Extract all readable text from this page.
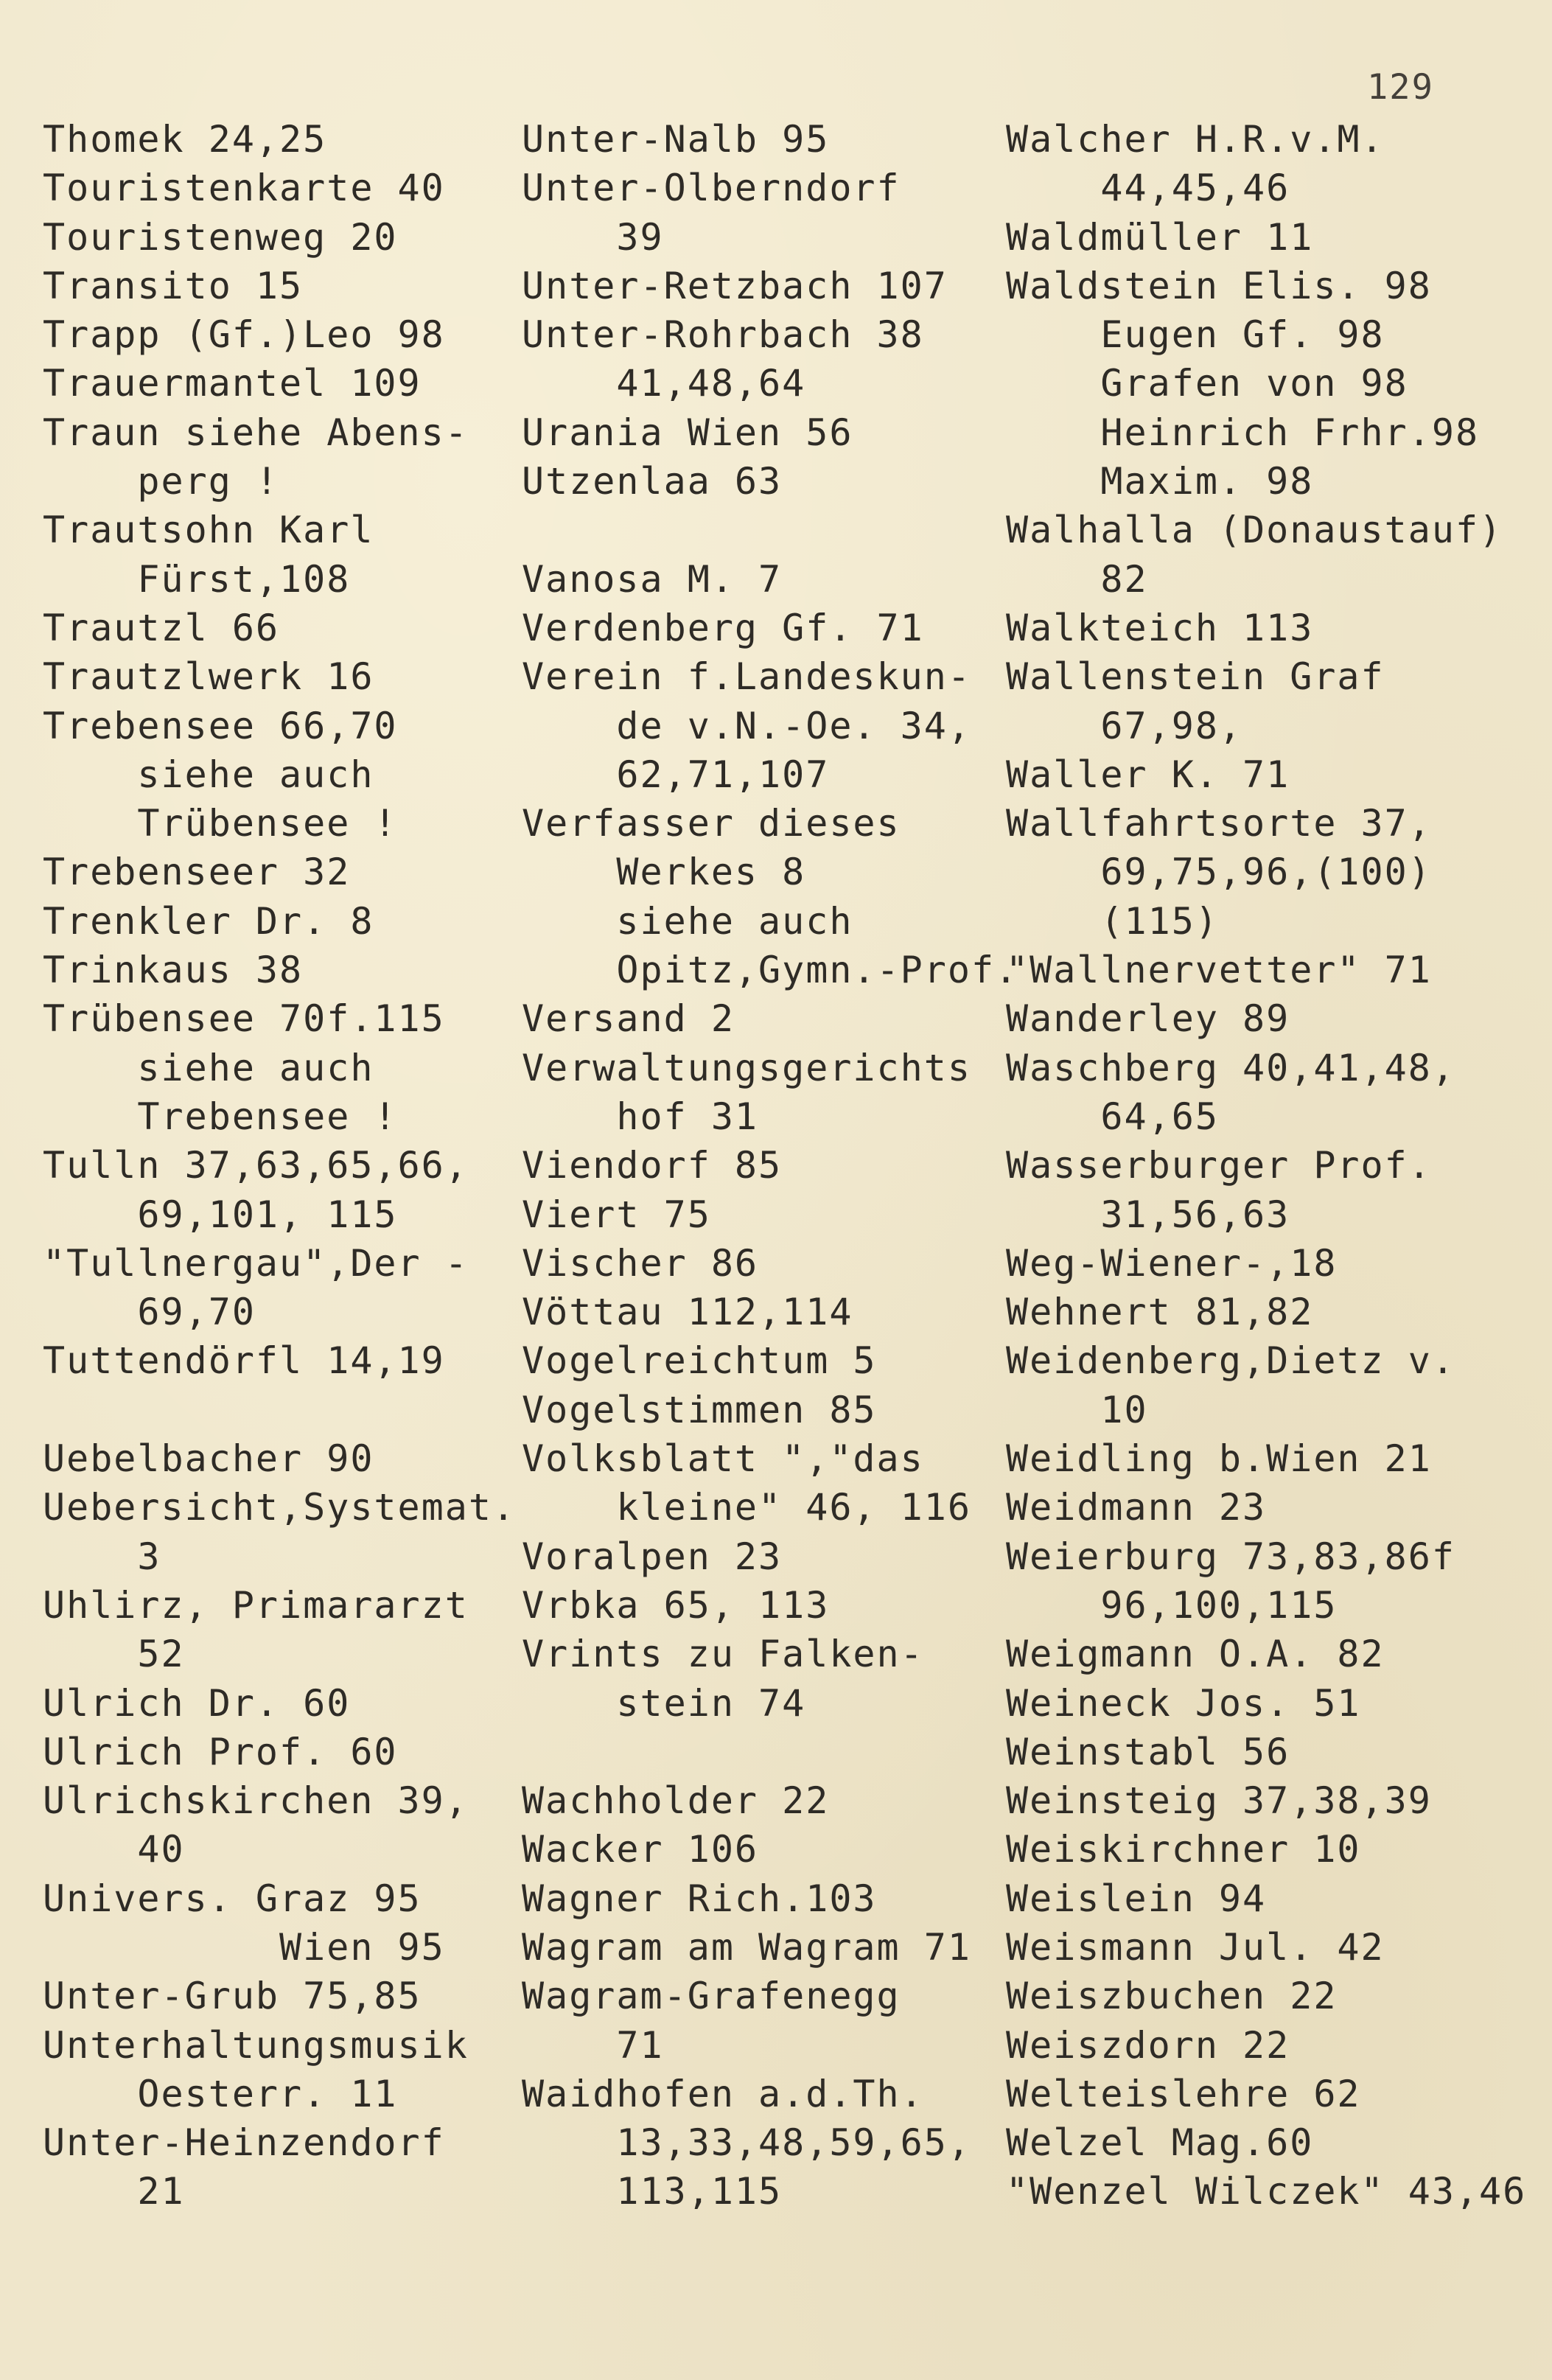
129
Thomek 24,25
Touristenkarte 40
Touristenweg 20
Transito 15
Trapp (Gf.)Leo 98
Trauermantel 109
Traun siehe Abens-
perg !
Trautsohn Karl
Fürst,108
Trautzl 66
Trautzlwerk 16
Trebensee 66,70
siehe auch
Trübensee !
Trebenseer 32
Trenkler Dr. 8
Trinkaus 38
Trübensee 70f.115
siehe auch
Trebensee !
Tulln 37,63,65,66,
69,101, 115
"Tullnergau",Der -
69,70
Tuttendörfl 14,19
Uebelbacher 90
Uebersicht,Systemat.
3
Uhlirz, Primararzt
52
Ulrich Dr. 60
Ulrich Prof. 60
Ulrichskirchen 39,
40
Univers. Graz 95
Wien 95
Unter-Grub 75,85
Unterhaltungsmusik
Oesterr. 11
Unter-Heinzendorf
21
Unter-Nalb 95
Unter-Olberndorf
39
Unter-Retzbach 107
Unter-Rohrbach 38
41,48,64
Urania Wien 56
Utzenlaa 63
Vanosa M. 7
Verdenberg Gf. 71
Verein f.Landeskun-
de v.N.-Oe. 34,
62,71,107
Verfasser dieses
Werkes 8
siehe auch
Opitz,Gymn.-Prof.
Versand 2
Verwaltungsgerichts
hof 31
Viendorf 85
Viert 75
Vischer 86
Vöttau 112,114
Vogelreichtum 5
Vogelstimmen 85
Volksblatt ","das
kleine" 46, 116
Voralpen 23
Vrbka 65, 113
Vrints zu Falken-
stein 74
Wachholder 22
Wacker 106
Wagner Rich.103
Wagram am Wagram 71
Wagram-Grafenegg
71
Waidhofen a.d.Th.
13,33,48,59,65,
113,115
Walcher H.R.v.M.
44,45,46
Waldmüller 11
Waldstein Elis. 98
Eugen Gf. 98
Grafen von 98
Heinrich Frhr.98
Maxim. 98
Walhalla (Donaustauf)
82
Walkteich 113
Wallenstein Graf
67,98,
Waller K. 71
Wallfahrtsorte 37,
69,75,96,(100)
(115)
"Wallnervetter" 71
Wanderley 89
Waschberg 40,41,48,
64,65
Wasserburger Prof.
31,56,63
Weg-Wiener-,18
Wehnert 81,82
Weidenberg,Dietz v.
10
Weidling b.Wien 21
Weidmann 23
Weierburg 73,83,86f
96,100,115
Weigmann O.A. 82
Weineck Jos. 51
Weinstabl 56
Weinsteig 37,38,39
Weiskirchner 10
Weislein 94
Weismann Jul. 42
Weiszbuchen 22
Weiszdorn 22
Welteislehre 62
Welzel Mag.60
"Wenzel Wilczek" 43,46
